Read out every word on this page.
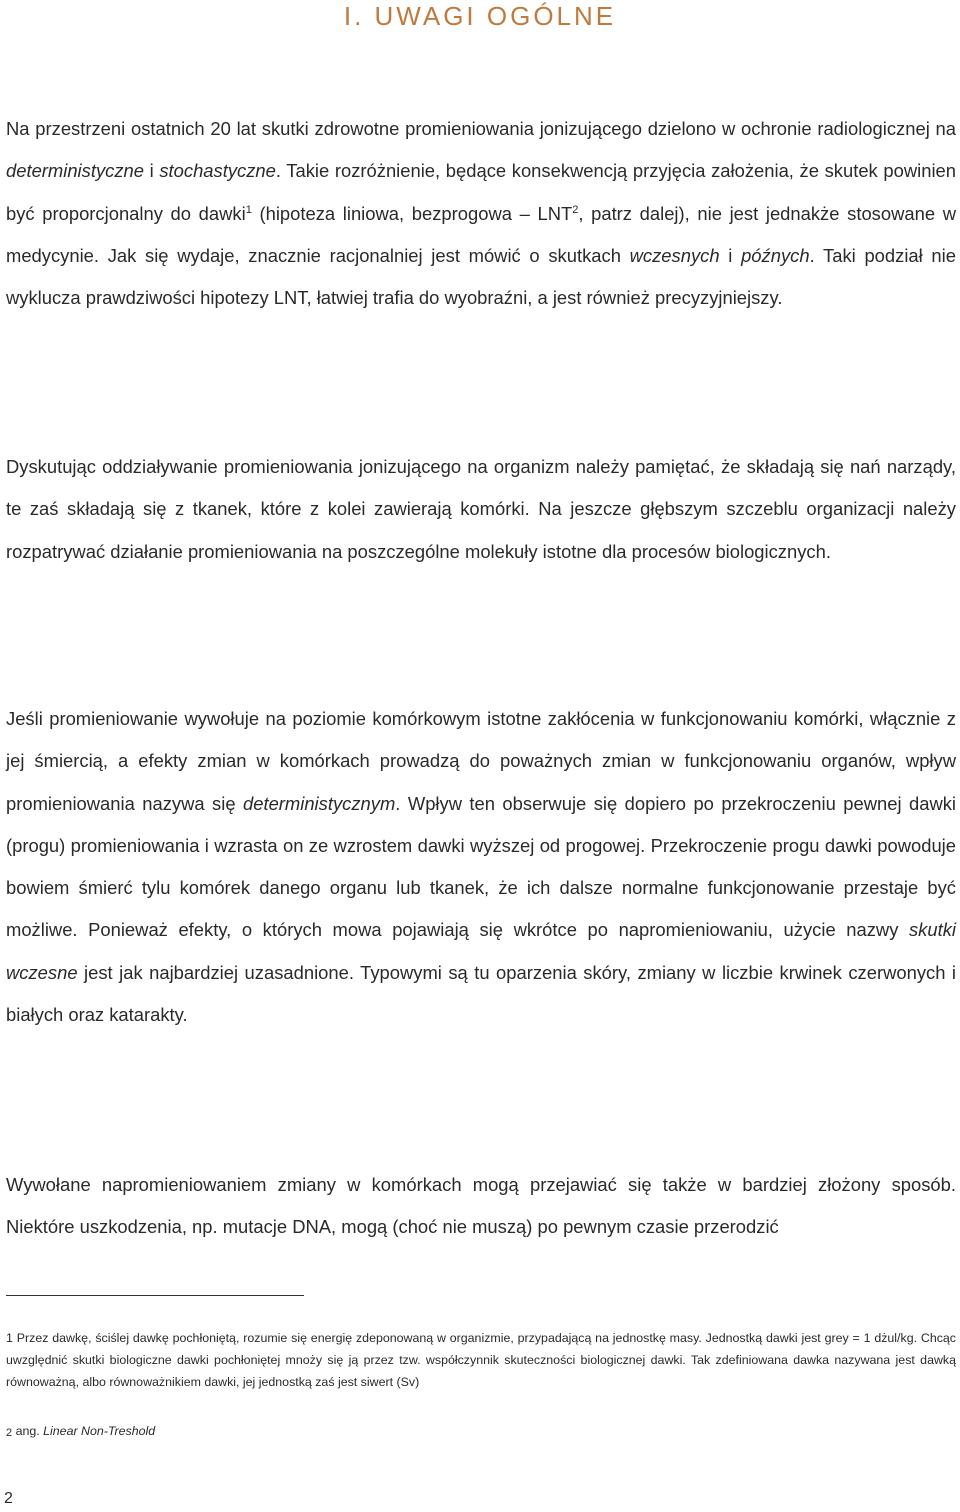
I. UWAGI OGÓLNE

Na przestrzeni ostatnich 20 lat skutki zdrowotne promieniowania jonizującego dzielono w ochronie radiologicznej na deterministyczne i stochastyczne. Takie rozróżnienie, będące konsekwencją przyjęcia założenia, że skutek powinien być proporcjonalny do dawki$^1$ (hipoteza liniowa, bezprogowa – LNT$^2$, patrz dalej), nie jest jednakże stosowane w medycynie. Jak się wydaje, znacznie racjonalniej jest mówić o skutkach wczesnych i późnych. Taki podział nie wyklucza prawdziwości hipotezy LNT, łatwiej trafia do wyobraźni, a jest również precyzyjniejszy.

Dyskutując oddziaływanie promieniowania jonizującego na organizm należy pamiętać, że składają się nań narządy, te zaś składają się z tkanek, które z kolei zawierają komórki. Na jeszcze głębszym szczeblu organizacji należy rozpatrywać działanie promieniowania na poszczególne molekuły istotne dla procesów biologicznych.

Jeśli promieniowanie wywołuje na poziomie komórkowym istotne zakłócenia w funkcjonowaniu komórki, włącznie z jej śmiercią, a efekty zmian w komórkach prowadzą do poważnych zmian w funkcjonowaniu organów, wpływ promieniowania nazywa się deterministycznym. Wpływ ten obserwuje się dopiero po przekroczeniu pewnej dawki (progu) promieniowania i wzrasta on ze wzrostem dawki wyższej od progowej. Przekroczenie progu dawki powoduje bowiem śmierć tylu komórek danego organu lub tkanek, że ich dalsze normalne funkcjonowanie przestaje być możliwe. Ponieważ efekty, o których mowa pojawiają się wkrótce po napromieniowaniu, użycie nazwy skutki wczesne jest jak najbardziej uzasadnione. Typowymi są tu oparzenia skóry, zmiany w liczbie krwinek czerwonych i białych oraz katarakty.

Wywołane napromieniowaniem zmiany w komórkach mogą przejawiać się także w bardziej złożony sposób. Niektóre uszkodzenia, np. mutacje DNA, mogą (choć nie muszą) po pewnym czasie przerodzić

1 Przez dawkę, ściślej dawkę pochłoniętą, rozumie się energię zdeponowaną w organizmie, przypadającą na jednostkę masy. Jednostką dawki jest grey = 1 dżul/kg. Chcąc uwzględnić skutki biologiczne dawki pochłoniętej mnoży się ją przez tzw. współczynnik skuteczności biologicznej dawki. Tak zdefiniowana dawka nazywana jest dawką równoważną, albo równoważnikiem dawki, jej jednostką zaś jest siwert (Sv)

$^2$ ang. Linear Non-Treshold

2
